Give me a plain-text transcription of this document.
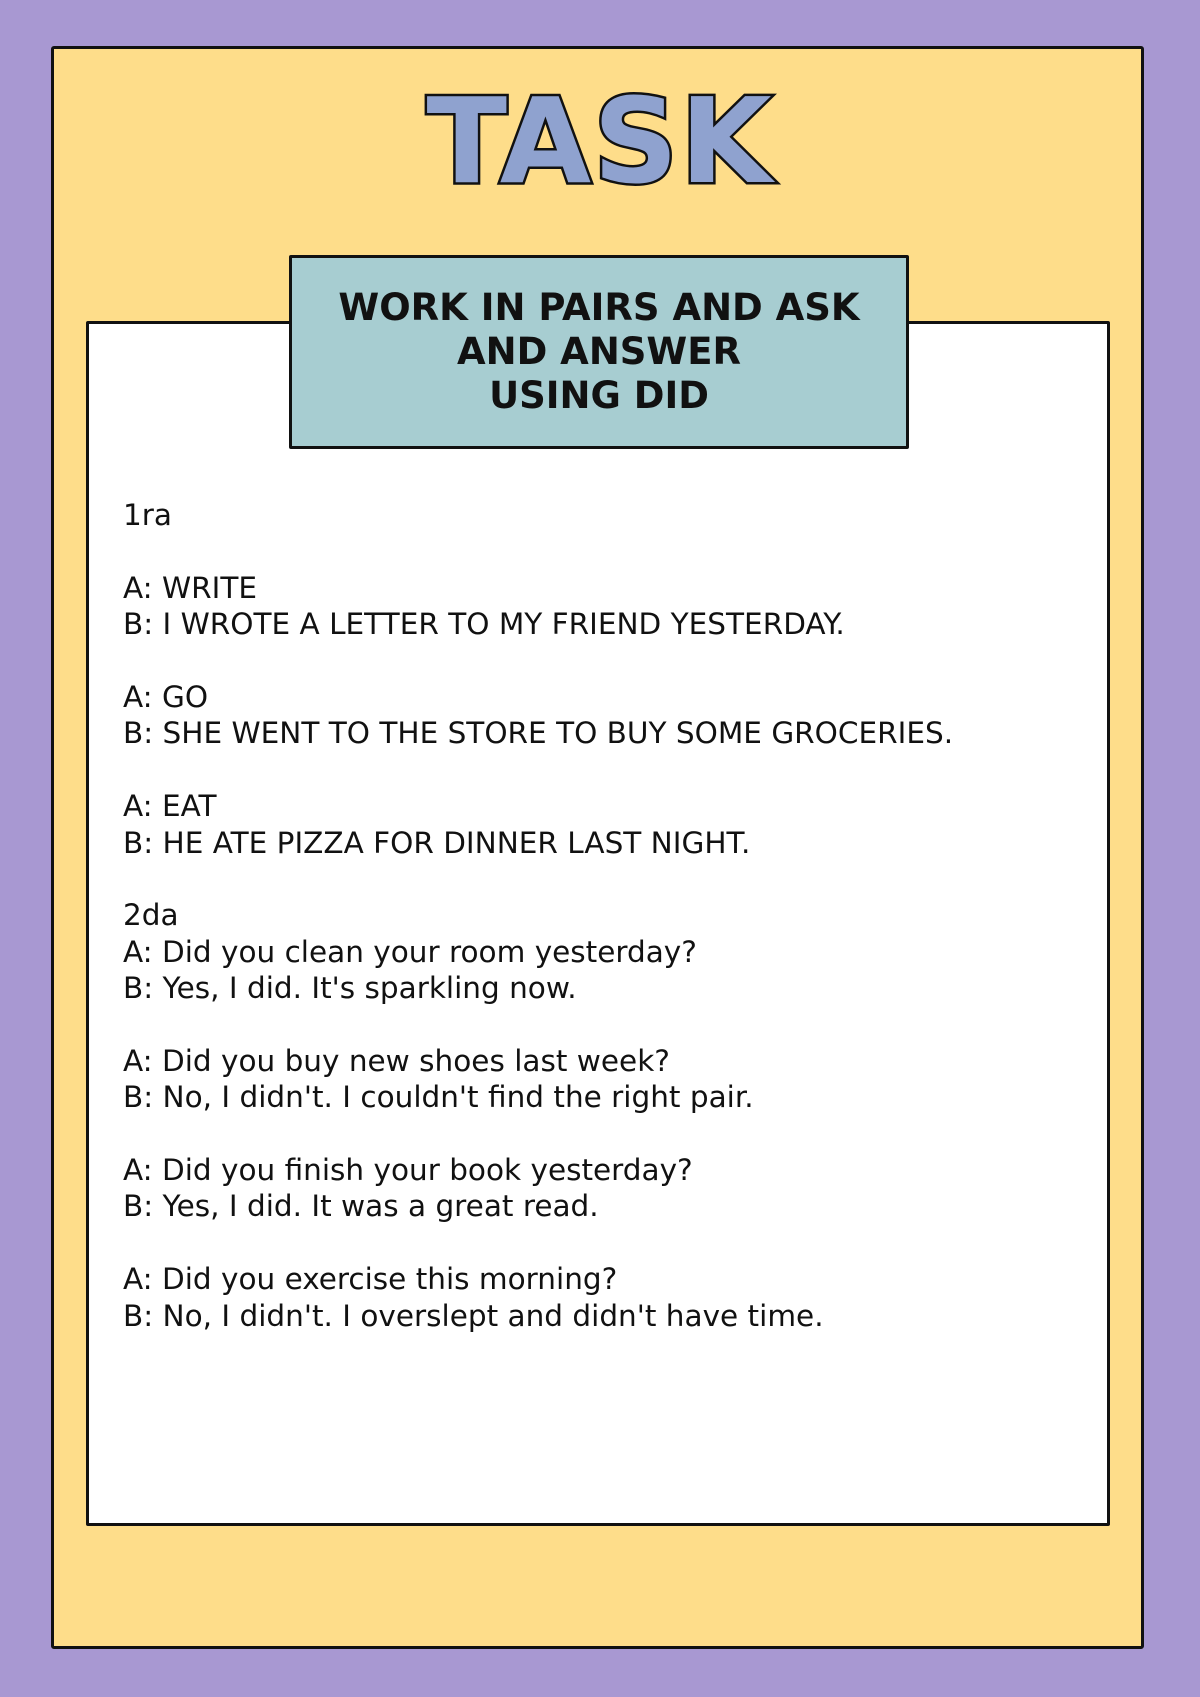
TASK

WORK IN PAIRS AND ASK
AND ANSWER
USING DID

1ra
A: WRITE
B: I WROTE A LETTER TO MY FRIEND YESTERDAY.
A: GO
B: SHE WENT TO THE STORE TO BUY SOME GROCERIES.
A: EAT
B: HE ATE PIZZA FOR DINNER LAST NIGHT.
2da
A: Did you clean your room yesterday?
B: Yes, I did. It's sparkling now.
A: Did you buy new shoes last week?
B: No, I didn't. I couldn't find the right pair.
A: Did you finish your book yesterday?
B: Yes, I did. It was a great read.
A: Did you exercise this morning?
B: No, I didn't. I overslept and didn't have time.
